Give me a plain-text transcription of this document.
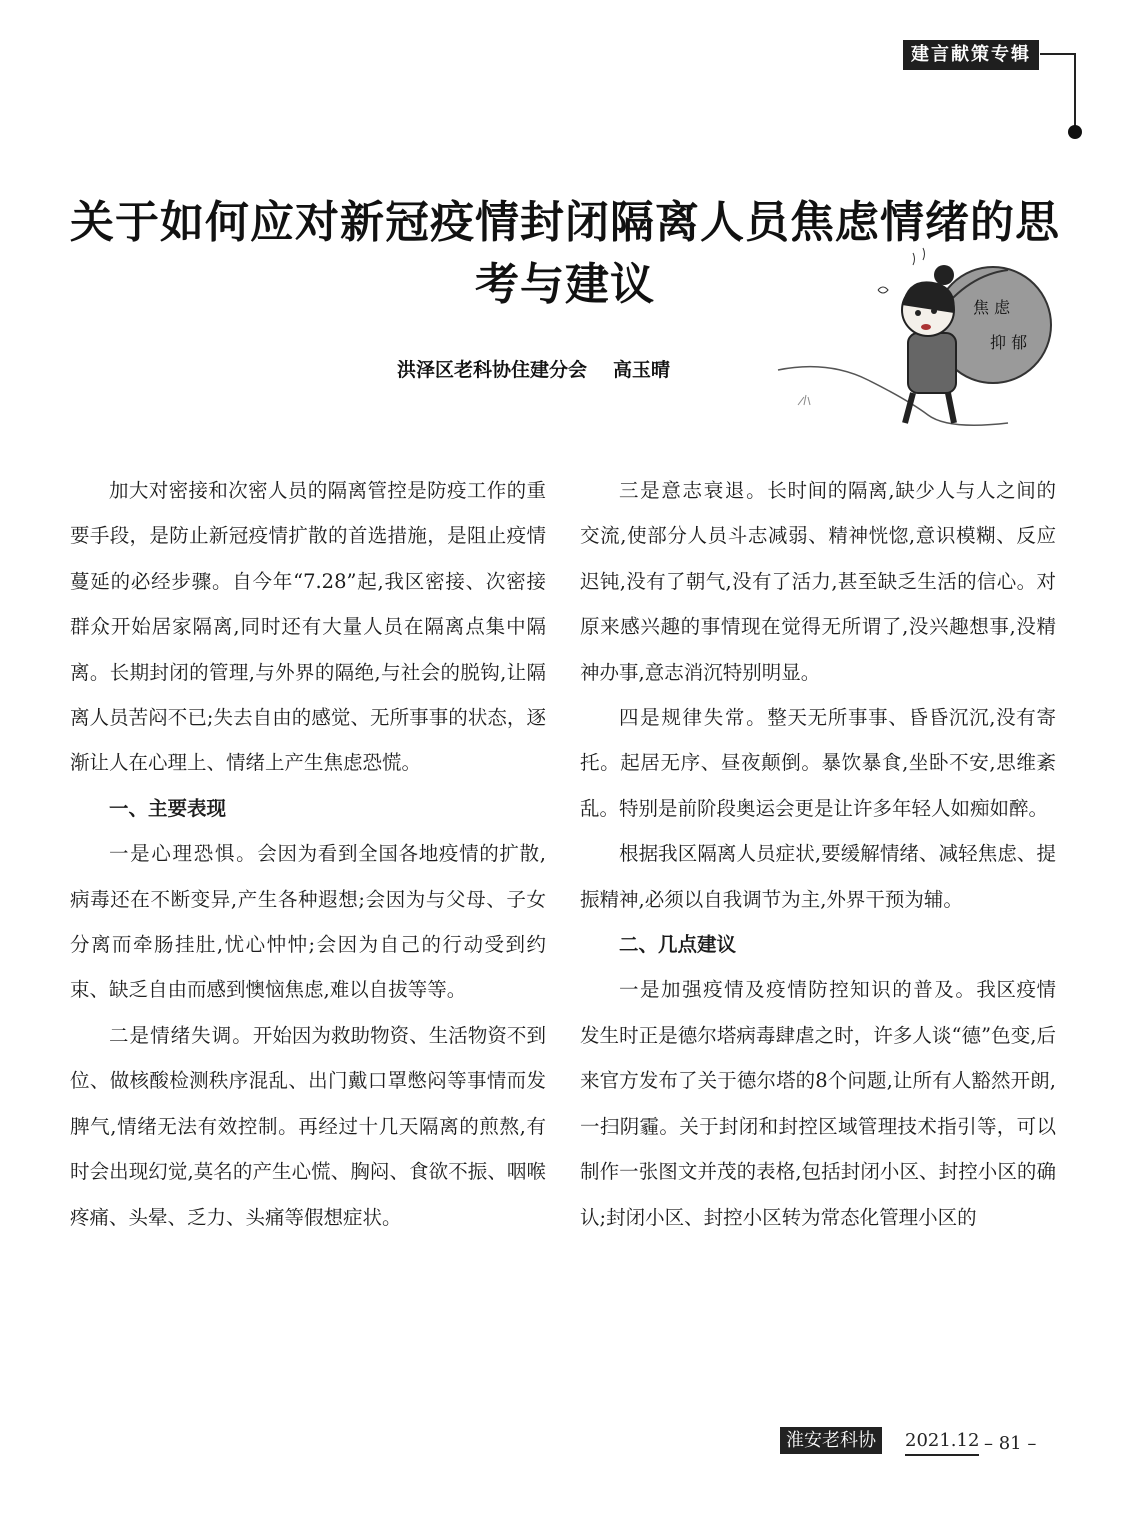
建言献策专辑
关于如何应对新冠疫情封闭隔离人员焦虑情绪的思考与建议	焦 虑
抑 郁
洪泽区老科协住建分会 高玉晴

加大对密接和次密人员的隔离管控是防疫工作的重要手段，是防止新冠疫情扩散的首选措施，是阻止疫情蔓延的必经步骤。自今年“7.28”起,我区密接、次密接群众开始居家隔离,同时还有大量人员在隔离点集中隔离。长期封闭的管理,与外界的隔绝,与社会的脱钩,让隔离人员苦闷不已;失去自由的感觉、无所事事的状态，逐渐让人在心理上、情绪上产生焦虑恐慌。

一、主要表现

一是心理恐惧。会因为看到全国各地疫情的扩散,病毒还在不断变异,产生各种遐想;会因为与父母、子女分离而牵肠挂肚,忧心忡忡;会因为自己的行动受到约束、缺乏自由而感到懊恼焦虑,难以自拔等等。

二是情绪失调。开始因为救助物资、生活物资不到位、做核酸检测秩序混乱、出门戴口罩憋闷等事情而发脾气,情绪无法有效控制。再经过十几天隔离的煎熬,有时会出现幻觉,莫名的产生心慌、胸闷、食欲不振、咽喉疼痛、头晕、乏力、头痛等假想症状。

三是意志衰退。长时间的隔离,缺少人与人之间的交流,使部分人员斗志减弱、精神恍惚,意识模糊、反应迟钝,没有了朝气,没有了活力,甚至缺乏生活的信心。对原来感兴趣的事情现在觉得无所谓了,没兴趣想事,没精神办事,意志消沉特别明显。

四是规律失常。整天无所事事、昏昏沉沉,没有寄托。起居无序、昼夜颠倒。暴饮暴食,坐卧不安,思维紊乱。特别是前阶段奥运会更是让许多年轻人如痴如醉。

根据我区隔离人员症状,要缓解情绪、减轻焦虑、提振精神,必须以自我调节为主,外界干预为辅。

二、几点建议

一是加强疫情及疫情防控知识的普及。我区疫情发生时正是德尔塔病毒肆虐之时，许多人谈“德”色变,后来官方发布了关于德尔塔的8个问题,让所有人豁然开朗,一扫阴霾。关于封闭和封控区域管理技术指引等，可以制作一张图文并茂的表格,包括封闭小区、封控小区的确认;封闭小区、封控小区转为常态化管理小区的

淮安老科协	2021.12 – 81 –
